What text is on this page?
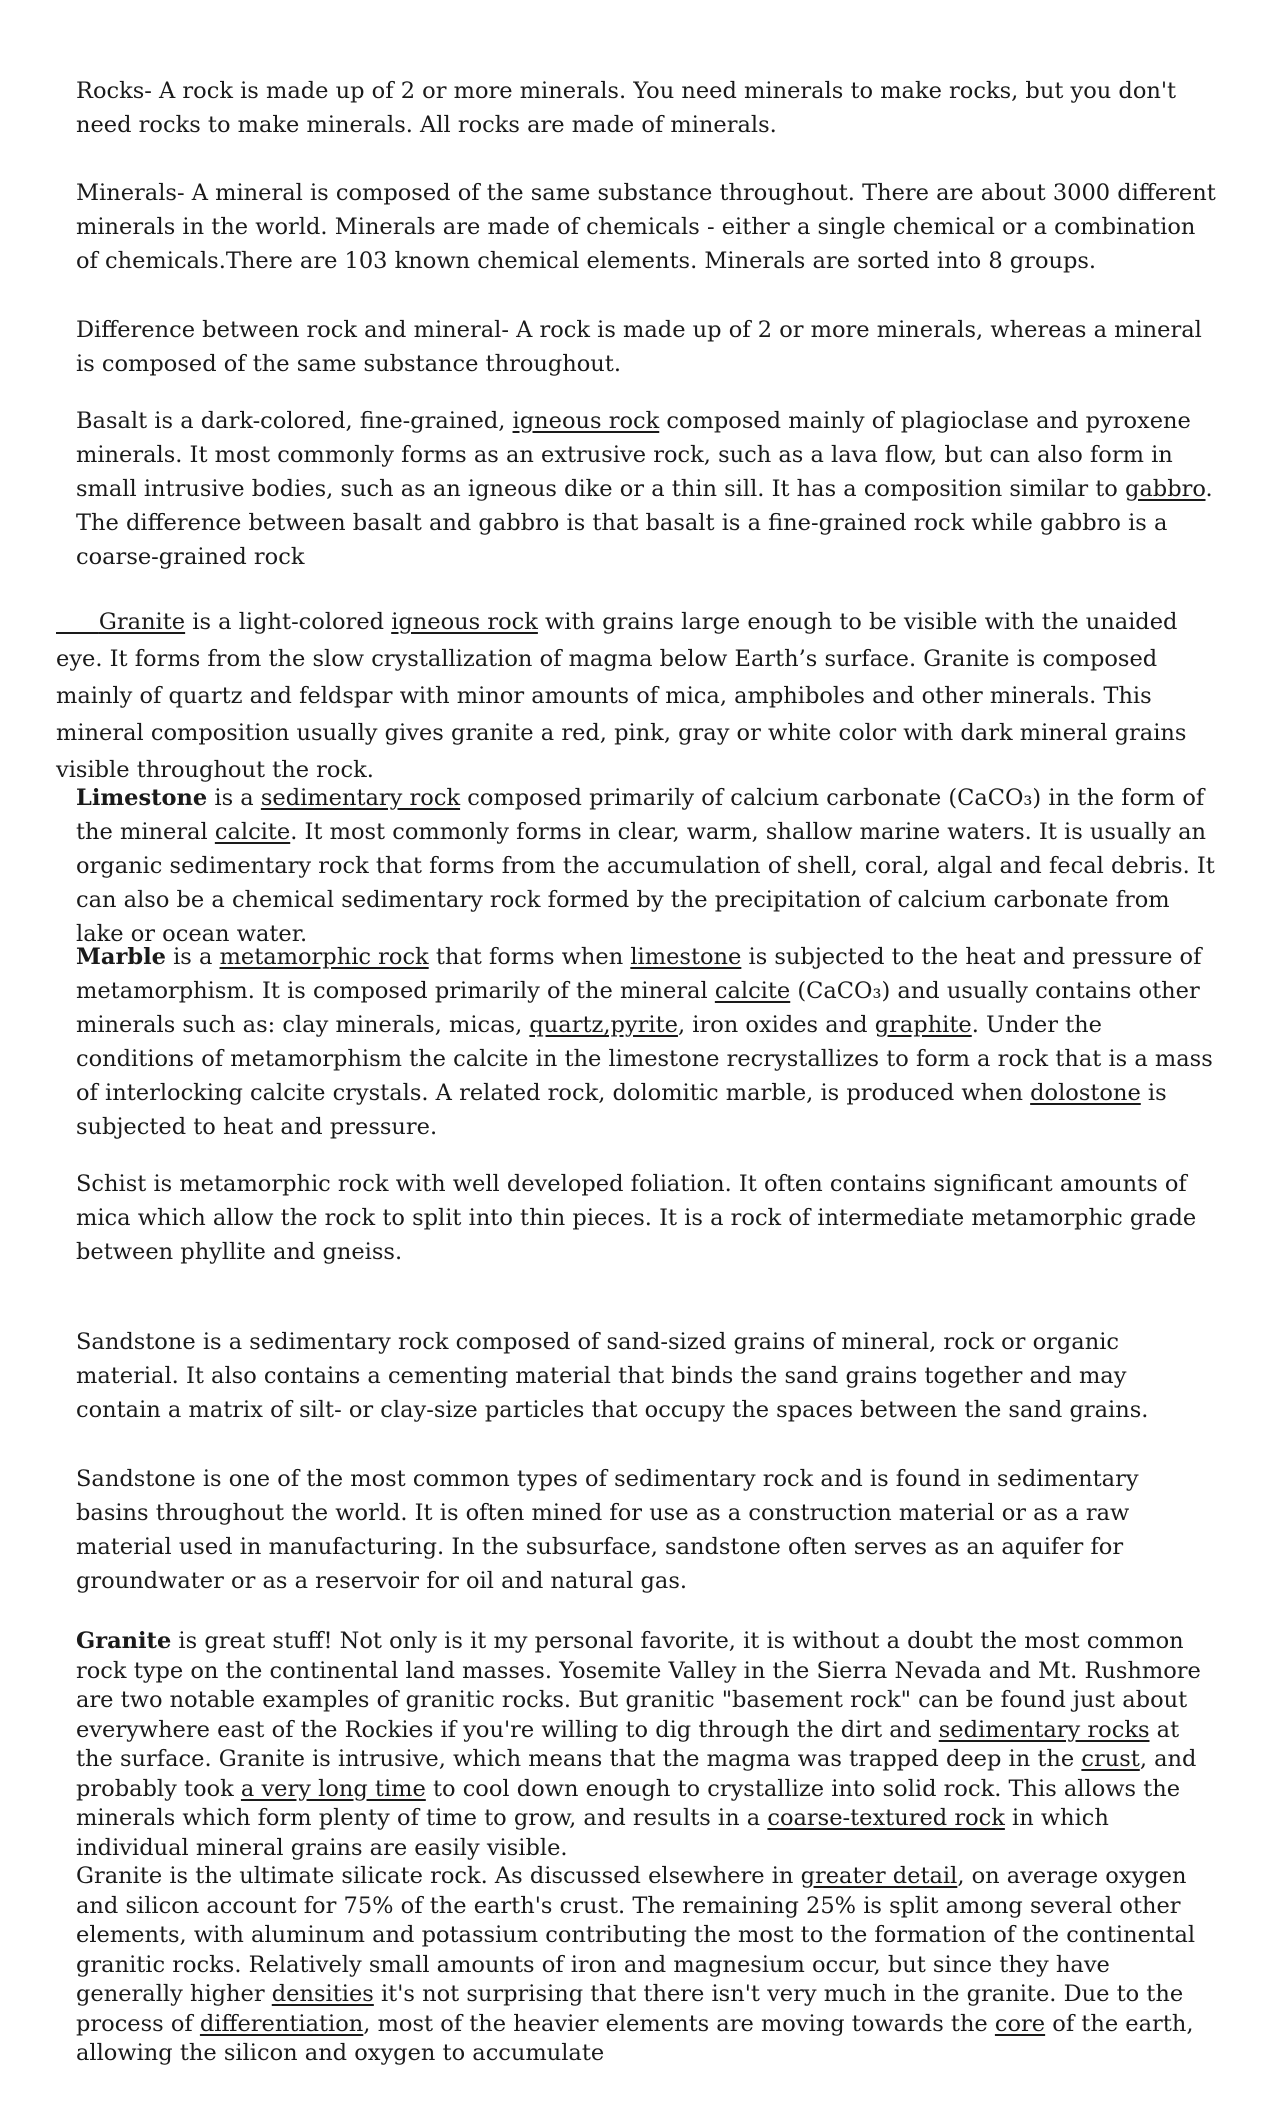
Rocks- A rock is made up of 2 or more minerals. You need minerals to make rocks, but you don't need rocks to make minerals. All rocks are made of minerals.

Minerals- A mineral is composed of the same substance throughout. There are about 3000 different minerals in the world. Minerals are made of chemicals - either a single chemical or a combination of chemicals.There are 103 known chemical elements. Minerals are sorted into 8 groups.

Difference between rock and mineral- A rock is made up of 2 or more minerals, whereas a mineral is composed of the same substance throughout.

Basalt is a dark-colored, fine-grained, igneous rock composed mainly of plagioclase and pyroxene minerals. It most commonly forms as an extrusive rock, such as a lava flow, but can also form in small intrusive bodies, such as an igneous dike or a thin sill. It has a composition similar to gabbro. The difference between basalt and gabbro is that basalt is a fine-grained rock while gabbro is a coarse-grained rock

Granite is a light-colored igneous rock with grains large enough to be visible with the unaided eye. It forms from the slow crystallization of magma below Earth’s surface. Granite is composed mainly of quartz and feldspar with minor amounts of mica, amphiboles and other minerals. This mineral composition usually gives granite a red, pink, gray or white color with dark mineral grains visible throughout the rock.

Limestone is a sedimentary rock composed primarily of calcium carbonate (CaCO₃) in the form of the mineral calcite. It most commonly forms in clear, warm, shallow marine waters. It is usually an organic sedimentary rock that forms from the accumulation of shell, coral, algal and fecal debris. It can also be a chemical sedimentary rock formed by the precipitation of calcium carbonate from lake or ocean water.

Marble is a metamorphic rock that forms when limestone is subjected to the heat and pressure of metamorphism. It is composed primarily of the mineral calcite (CaCO₃) and usually contains other minerals such as: clay minerals, micas, quartz,pyrite, iron oxides and graphite. Under the conditions of metamorphism the calcite in the limestone recrystallizes to form a rock that is a mass of interlocking calcite crystals. A related rock, dolomitic marble, is produced when dolostone is subjected to heat and pressure.

Schist is metamorphic rock with well developed foliation. It often contains significant amounts of mica which allow the rock to split into thin pieces. It is a rock of intermediate metamorphic grade between phyllite and gneiss.

Sandstone is a sedimentary rock composed of sand-sized grains of mineral, rock or organic material. It also contains a cementing material that binds the sand grains together and may contain a matrix of silt- or clay-size particles that occupy the spaces between the sand grains.

Sandstone is one of the most common types of sedimentary rock and is found in sedimentary basins throughout the world. It is often mined for use as a construction material or as a raw material used in manufacturing. In the subsurface, sandstone often serves as an aquifer for groundwater or as a reservoir for oil and natural gas.

Granite is great stuff! Not only is it my personal favorite, it is without a doubt the most common rock type on the continental land masses. Yosemite Valley in the Sierra Nevada and Mt. Rushmore are two notable examples of granitic rocks. But granitic "basement rock" can be found just about everywhere east of the Rockies if you're willing to dig through the dirt and sedimentary rocks at the surface. Granite is intrusive, which means that the magma was trapped deep in the crust, and probably took a very long time to cool down enough to crystallize into solid rock. This allows the minerals which form plenty of time to grow, and results in a coarse-textured rock in which individual mineral grains are easily visible.

Granite is the ultimate silicate rock. As discussed elsewhere in greater detail, on average oxygen and silicon account for 75% of the earth's crust. The remaining 25% is split among several other elements, with aluminum and potassium contributing the most to the formation of the continental granitic rocks. Relatively small amounts of iron and magnesium occur, but since they have generally higher densities it's not surprising that there isn't very much in the granite. Due to the process of differentiation, most of the heavier elements are moving towards the core of the earth, allowing the silicon and oxygen to accumulate
